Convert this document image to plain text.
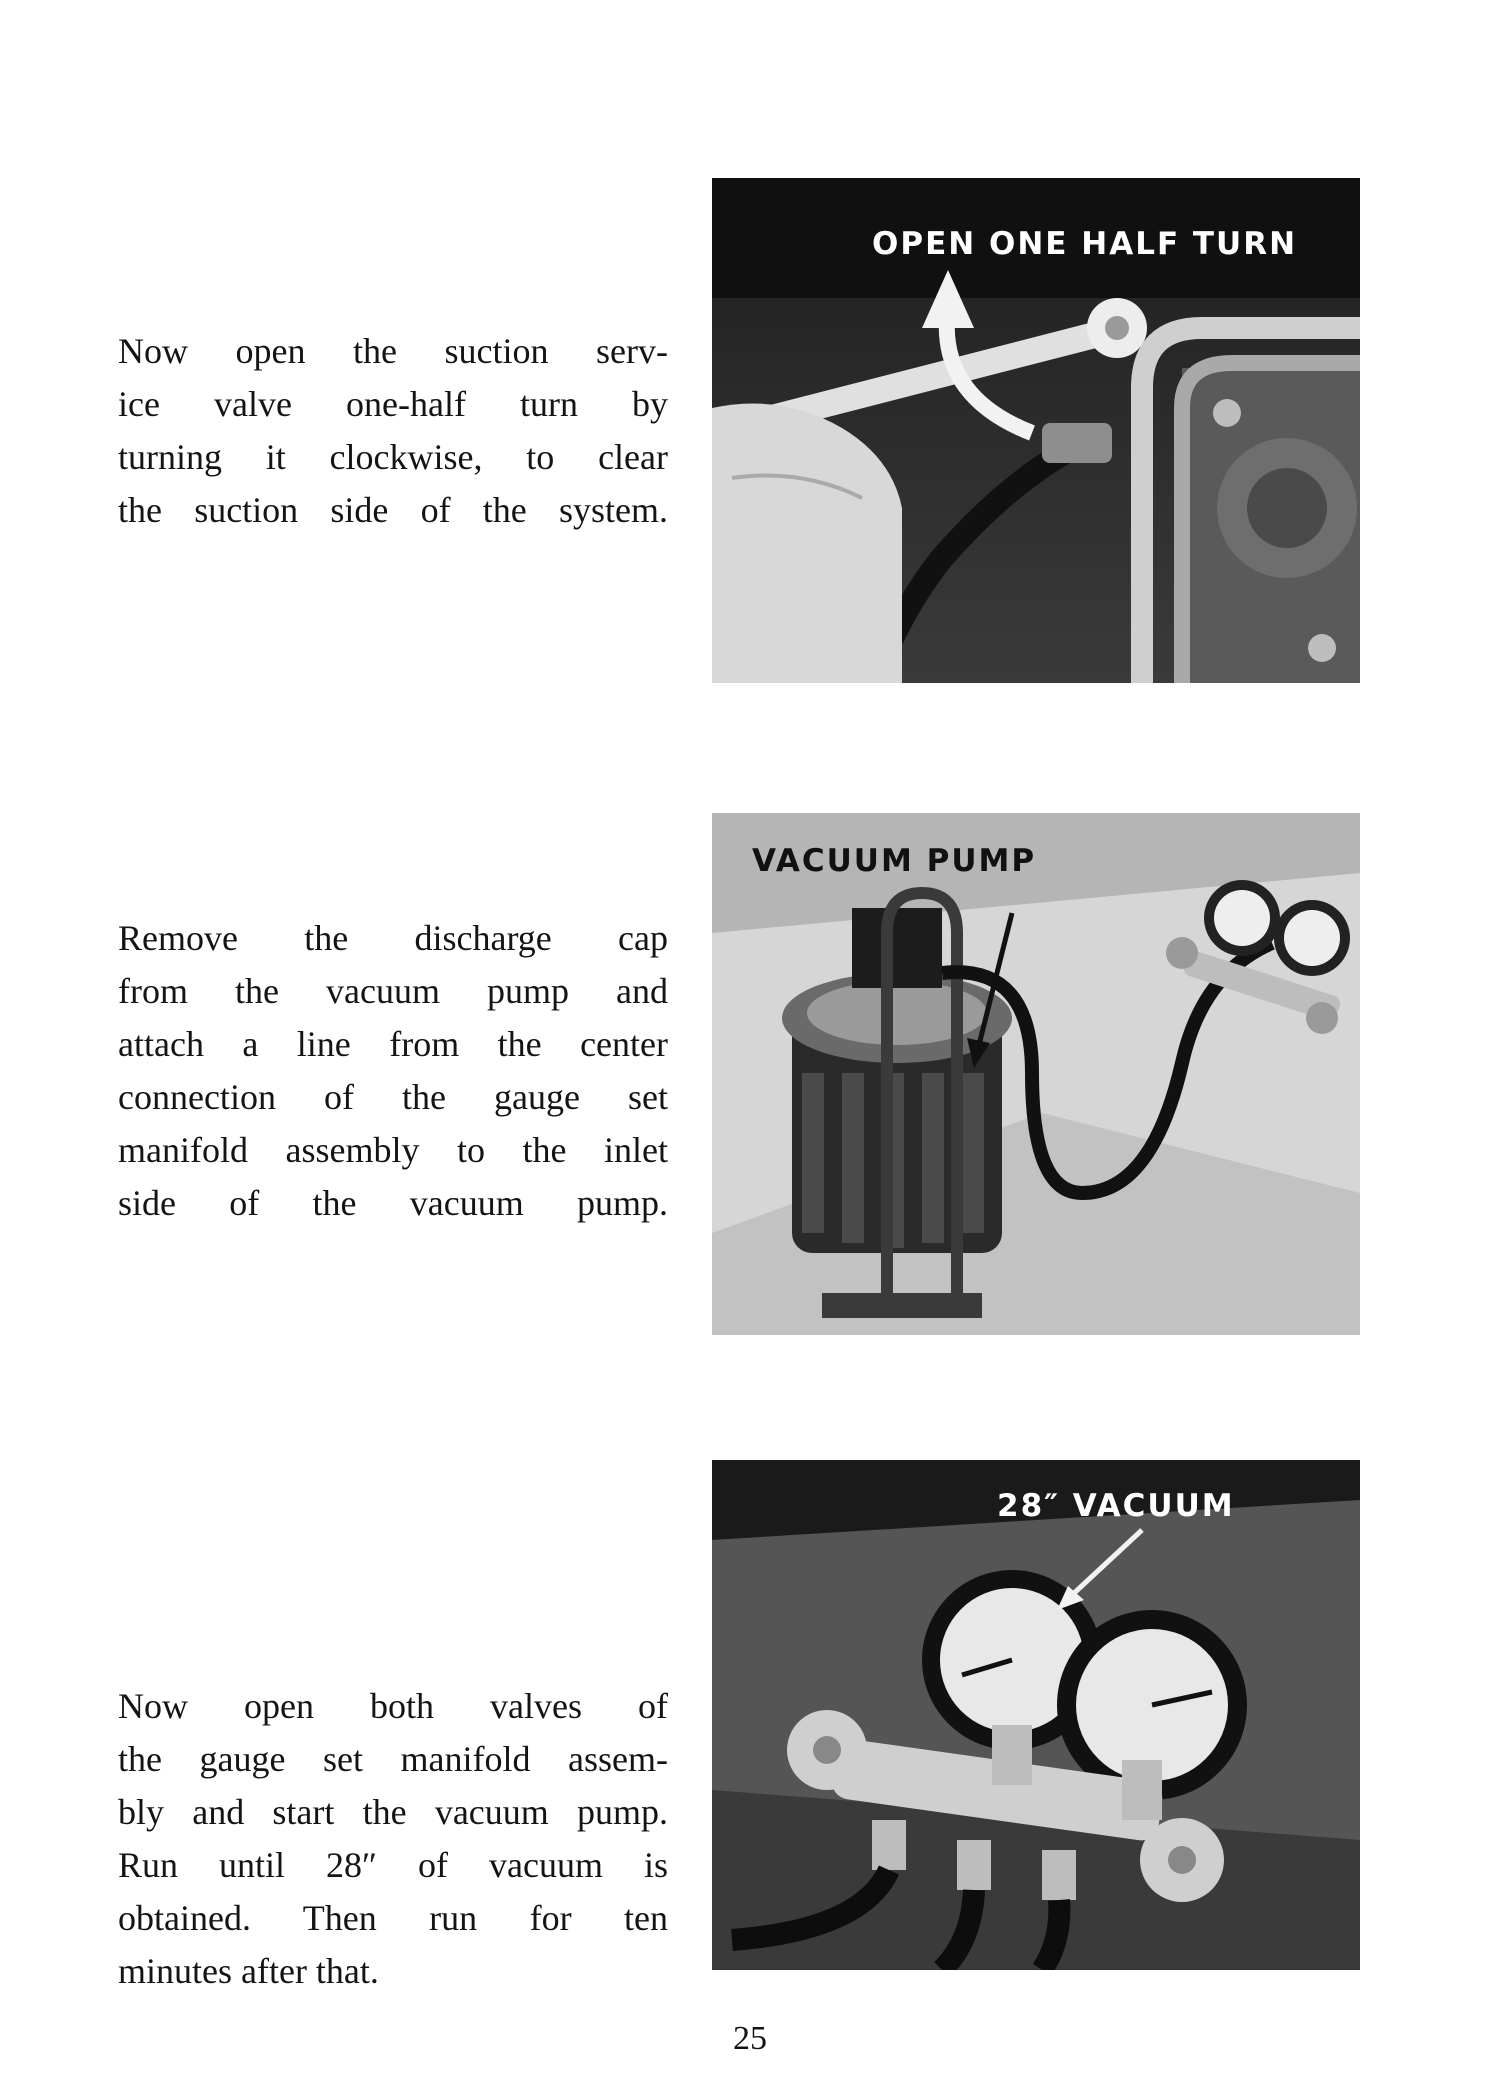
Now open the suction serv-
ice valve one-half turn by
turning it clockwise, to clear
the suction side of the system.
OPEN ONE HALF TURN
Remove the discharge cap
from the vacuum pump and
attach a line from the center
connection of the gauge set
manifold assembly to the inlet
side of the vacuum pump.
VACUUM PUMP
Now open both valves of
the gauge set manifold assem-
bly and start the vacuum pump.
Run until 28″ of vacuum is
obtained. Then run for ten
minutes after that.
28″ VACUUM
25
